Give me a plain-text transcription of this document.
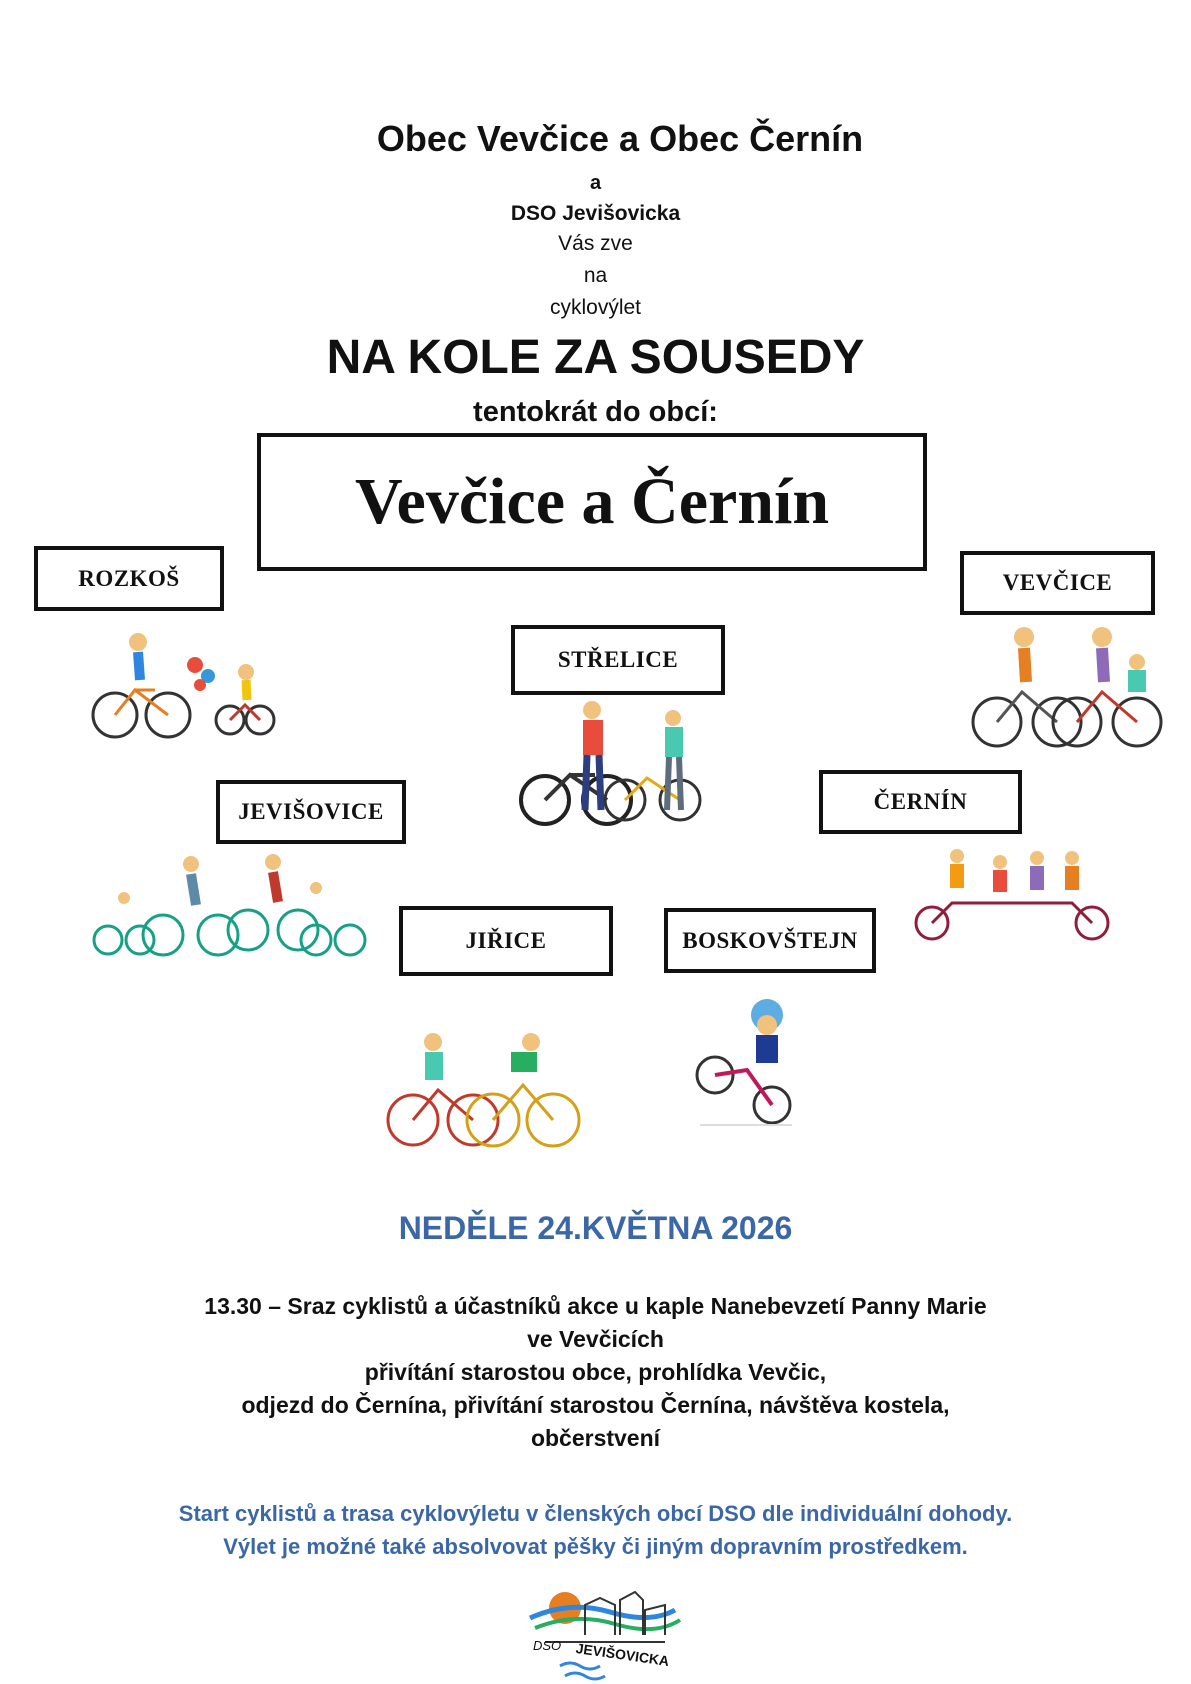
Obec Vevčice a Obec Černín
a
DSO Jevišovicka
Vás zve
na
cyklovýlet
NA KOLE ZA SOUSEDY
tentokrát do obcí:
Vevčice a Černín
ROZKOŠ	VEVČICE
STŘELICE
JEVIŠOVICE	ČERNÍN
JIŘICE	BOSKOVŠTEJN
NEDĚLE 24.KVĚTNA 2026
13.30 – Sraz cyklistů a účastníků akce u kaple Nanebevzetí Panny Marie
ve Vevčicích
přivítání starostou obce, prohlídka Vevčic,
odjezd do Černína, přivítání starostou Černína, návštěva kostela,
občerstvení
Start cyklistů a trasa cyklovýletu v členských obcí DSO dle individuální dohody.
Výlet je možné také absolvovat pěšky či jiným dopravním prostředkem.
DSO JEVIŠOVICKA
